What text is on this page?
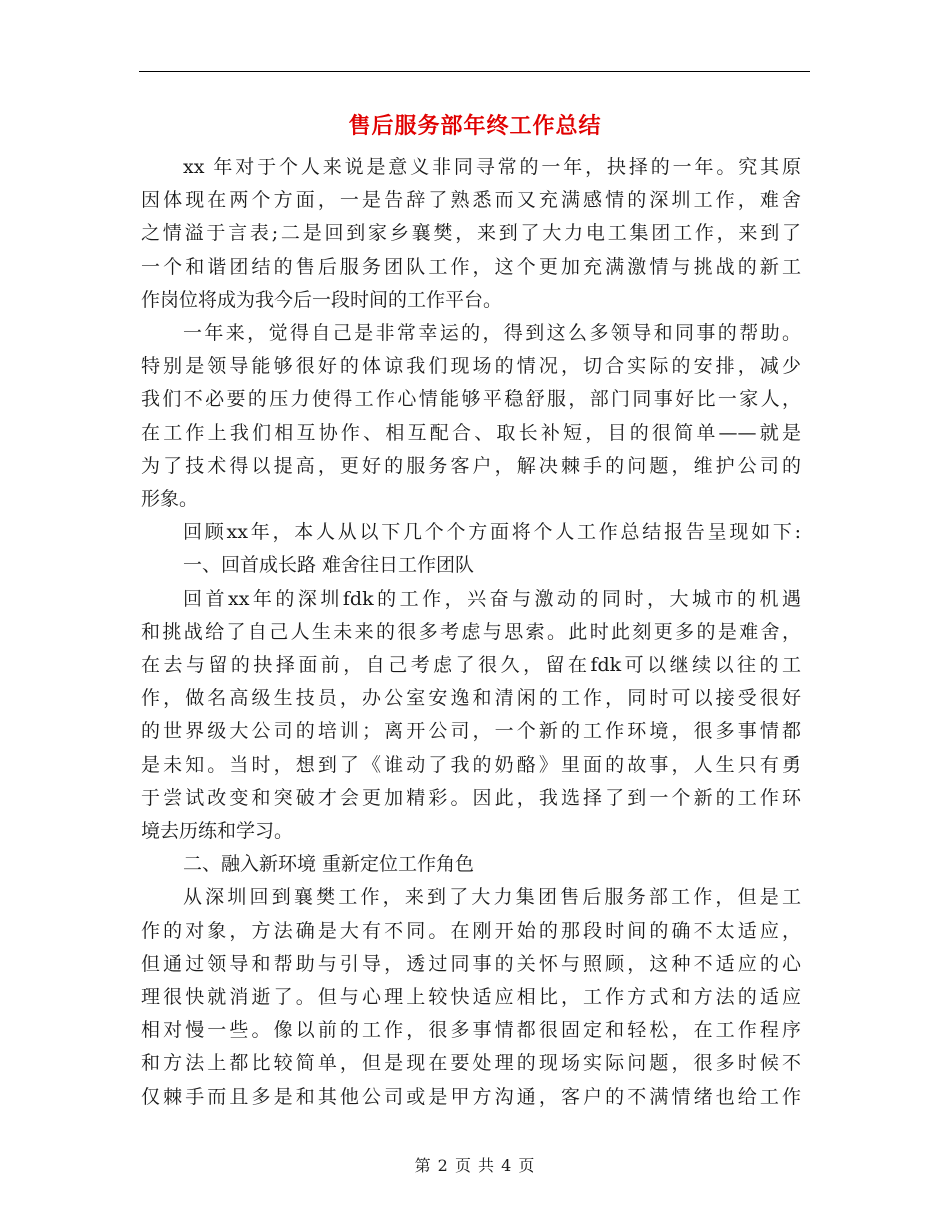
售后服务部年终工作总结
xx 年对于个人来说是意义非同寻常的一年，抉择的一年。究其原
因体现在两个方面，一是告辞了熟悉而又充满感情的深圳工作，难舍
之情溢于言表;二是回到家乡襄樊，来到了大力电工集团工作，来到了
一个和谐团结的售后服务团队工作，这个更加充满激情与挑战的新工
作岗位将成为我今后一段时间的工作平台。
一年来，觉得自己是非常幸运的，得到这么多领导和同事的帮助。
特别是领导能够很好的体谅我们现场的情况，切合实际的安排，减少
我们不必要的压力使得工作心情能够平稳舒服，部门同事好比一家人，
在工作上我们相互协作、相互配合、取长补短，目的很简单——就是
为了技术得以提高，更好的服务客户，解决棘手的问题，维护公司的
形象。
回顾xx年，本人从以下几个个方面将个人工作总结报告呈现如下:
一、回首成长路 难舍往日工作团队
回首xx年的深圳fdk的工作，兴奋与激动的同时，大城市的机遇
和挑战给了自己人生未来的很多考虑与思索。此时此刻更多的是难舍，
在去与留的抉择面前，自己考虑了很久，留在fdk可以继续以往的工
作，做名高级生技员，办公室安逸和清闲的工作，同时可以接受很好
的世界级大公司的培训；离开公司，一个新的工作环境，很多事情都
是未知。当时，想到了《谁动了我的奶酪》里面的故事，人生只有勇
于尝试改变和突破才会更加精彩。因此，我选择了到一个新的工作环
境去历练和学习。
二、融入新环境 重新定位工作角色
从深圳回到襄樊工作，来到了大力集团售后服务部工作，但是工
作的对象，方法确是大有不同。在刚开始的那段时间的确不太适应，
但通过领导和帮助与引导，透过同事的关怀与照顾，这种不适应的心
理很快就消逝了。但与心理上较快适应相比，工作方式和方法的适应
相对慢一些。像以前的工作，很多事情都很固定和轻松，在工作程序
和方法上都比较简单，但是现在要处理的现场实际问题，很多时候不
仅棘手而且多是和其他公司或是甲方沟通，客户的不满情绪也给工作
第 2 页 共 4 页
